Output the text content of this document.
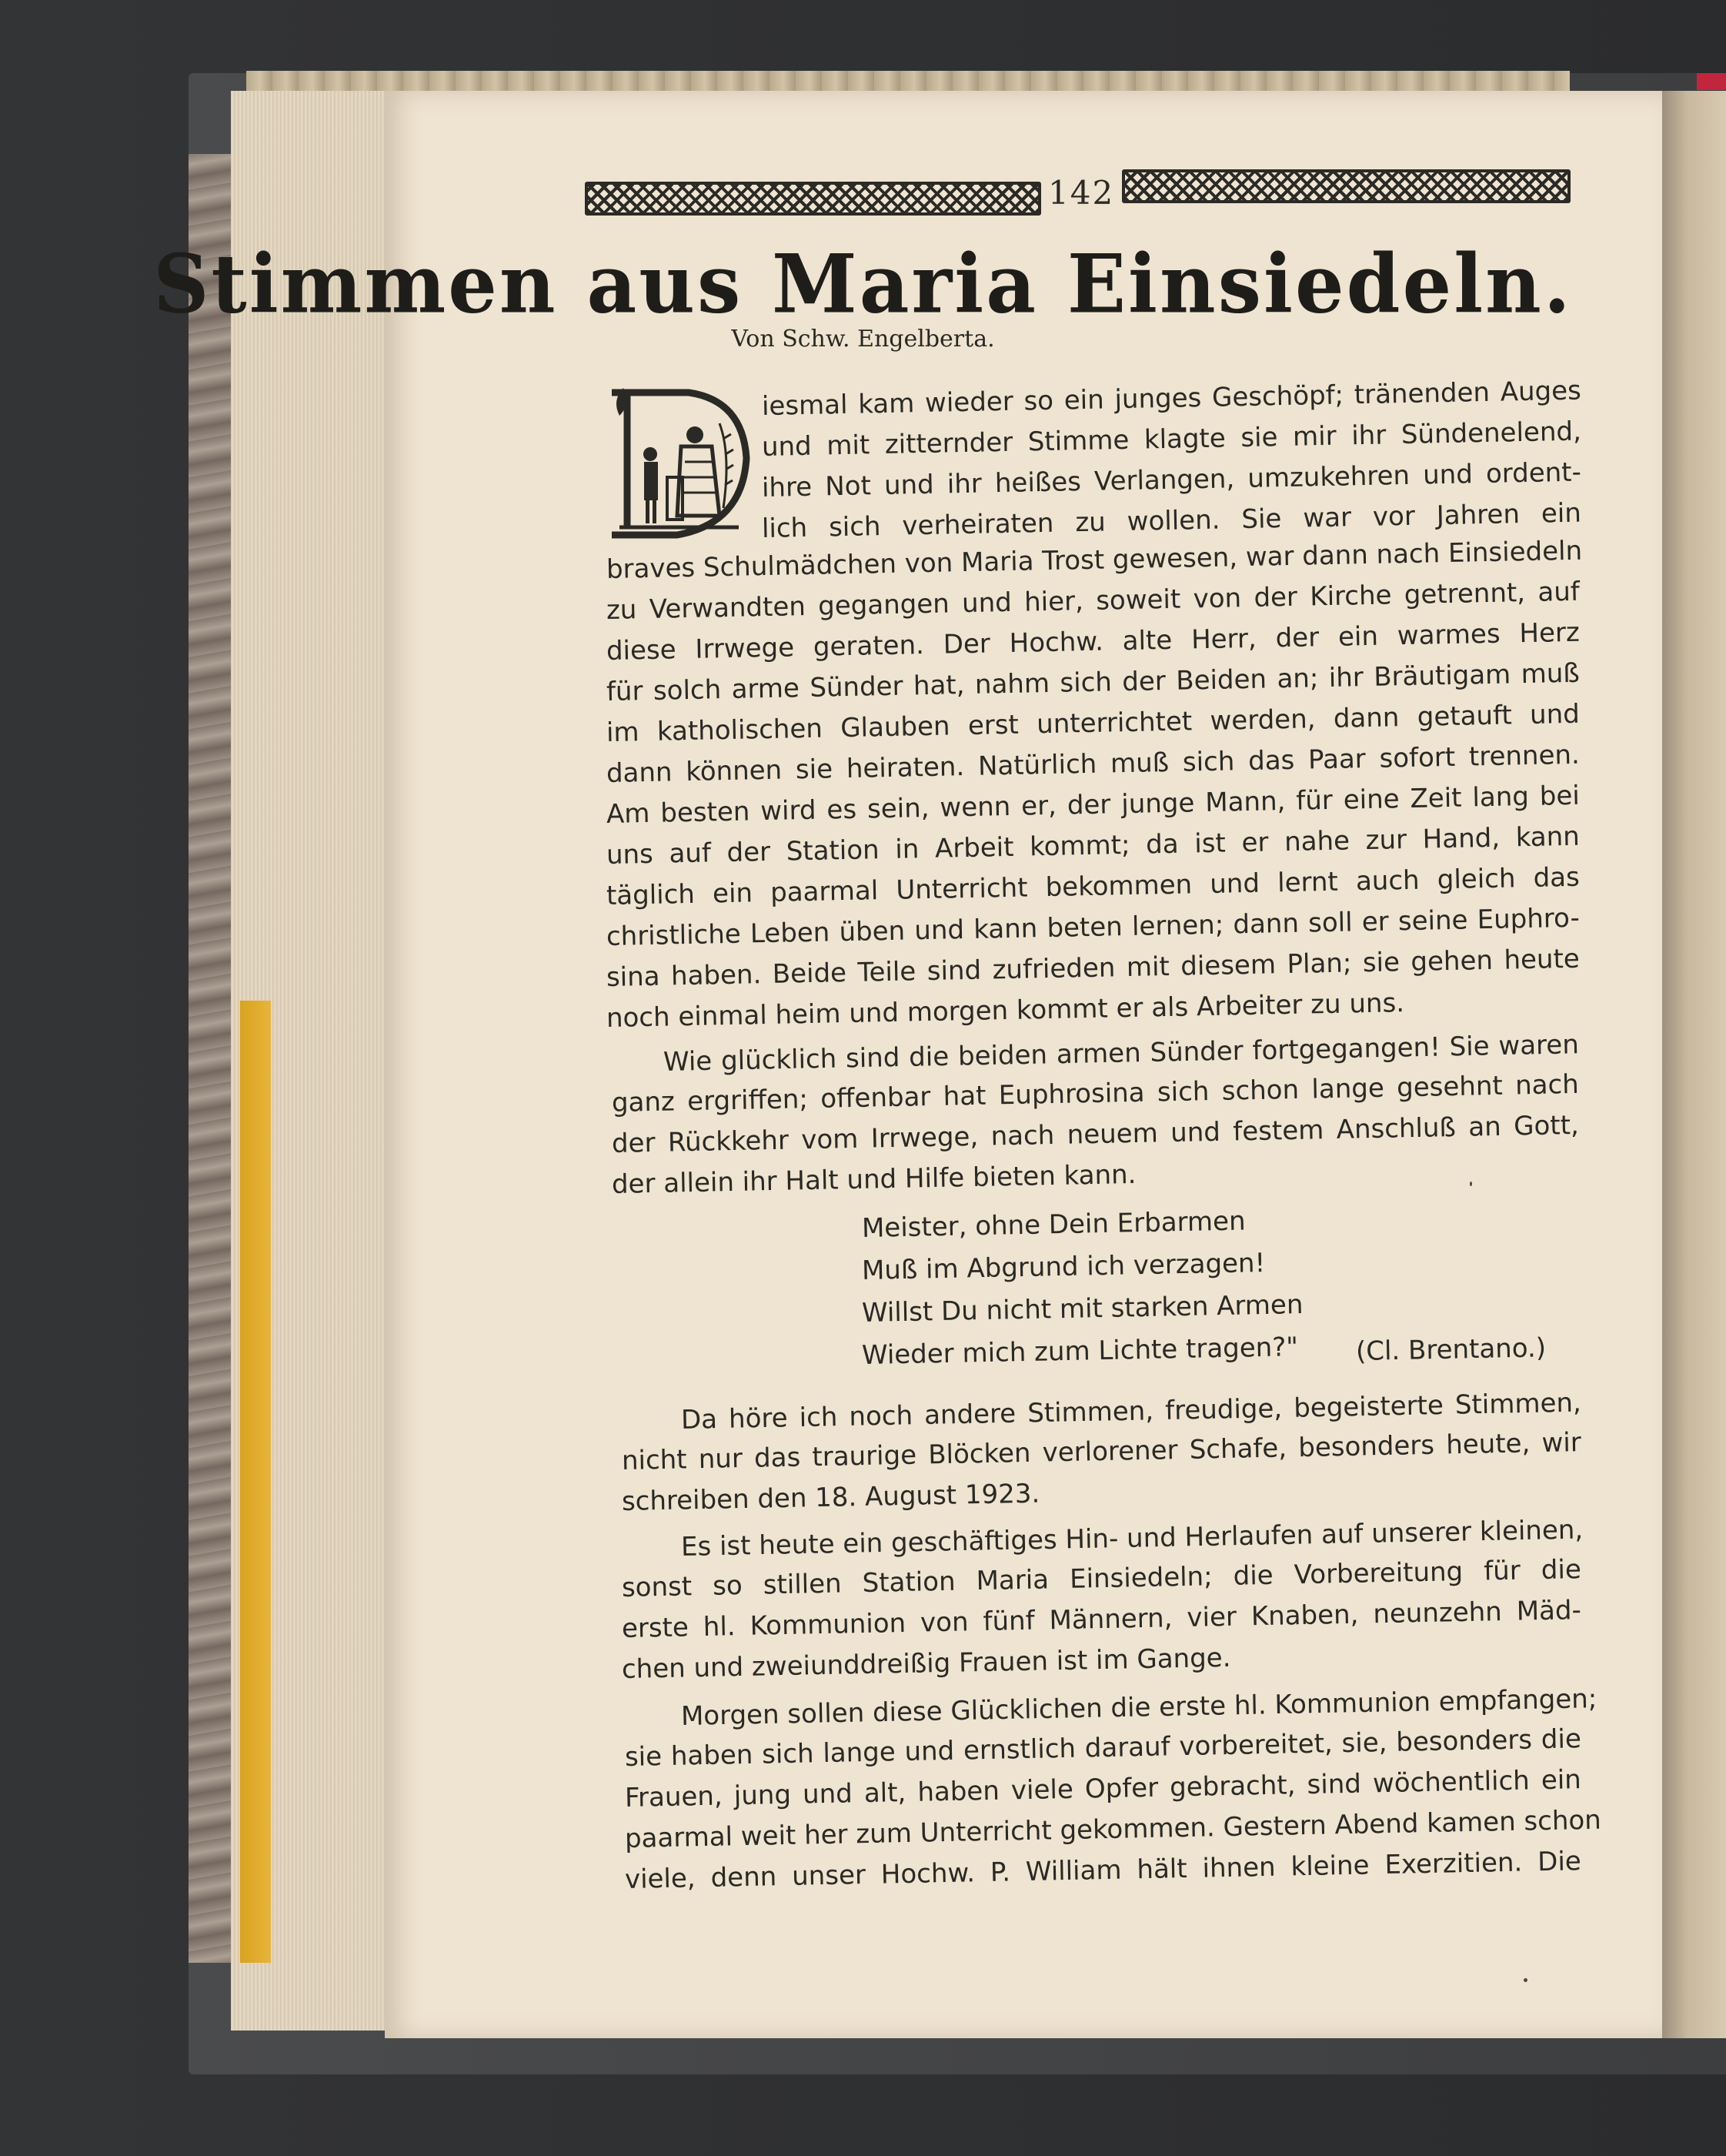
142
Stimmen aus Maria Einsiedeln.
Von Schw. Engelberta.
iesmal kam wieder so ein junges Geschöpf; tränenden Auges
und mit zitternder Stimme klagte sie mir ihr Sündenelend,
ihre Not und ihr heißes Verlangen, umzukehren und ordent-
lich sich verheiraten zu wollen. Sie war vor Jahren ein
braves Schulmädchen von Maria Trost gewesen, war dann nach Einsiedeln
zu Verwandten gegangen und hier, soweit von der Kirche getrennt, auf
diese Irrwege geraten. Der Hochw. alte Herr, der ein warmes Herz
für solch arme Sünder hat, nahm sich der Beiden an; ihr Bräutigam muß
im katholischen Glauben erst unterrichtet werden, dann getauft und
dann können sie heiraten. Natürlich muß sich das Paar sofort trennen.
Am besten wird es sein, wenn er, der junge Mann, für eine Zeit lang bei
uns auf der Station in Arbeit kommt; da ist er nahe zur Hand, kann
täglich ein paarmal Unterricht bekommen und lernt auch gleich das
christliche Leben üben und kann beten lernen; dann soll er seine Euphro-
sina haben. Beide Teile sind zufrieden mit diesem Plan; sie gehen heute
noch einmal heim und morgen kommt er als Arbeiter zu uns.
Wie glücklich sind die beiden armen Sünder fortgegangen! Sie waren
ganz ergriffen; offenbar hat Euphrosina sich schon lange gesehnt nach
der Rückkehr vom Irrwege, nach neuem und festem Anschluß an Gott,
der allein ihr Halt und Hilfe bieten kann.
Meister, ohne Dein Erbarmen
Muß im Abgrund ich verzagen!
Willst Du nicht mit starken Armen
Wieder mich zum Lichte tragen?" (Cl. Brentano.)
Da höre ich noch andere Stimmen, freudige, begeisterte Stimmen,
nicht nur das traurige Blöcken verlorener Schafe, besonders heute, wir
schreiben den 18. August 1923.
Es ist heute ein geschäftiges Hin- und Herlaufen auf unserer kleinen,
sonst so stillen Station Maria Einsiedeln; die Vorbereitung für die
erste hl. Kommunion von fünf Männern, vier Knaben, neunzehn Mäd-
chen und zweiunddreißig Frauen ist im Gange.
Morgen sollen diese Glücklichen die erste hl. Kommunion empfangen;
sie haben sich lange und ernstlich darauf vorbereitet, sie, besonders die
Frauen, jung und alt, haben viele Opfer gebracht, sind wöchentlich ein
paarmal weit her zum Unterricht gekommen. Gestern Abend kamen schon
viele, denn unser Hochw. P. William hält ihnen kleine Exerzitien. Die
